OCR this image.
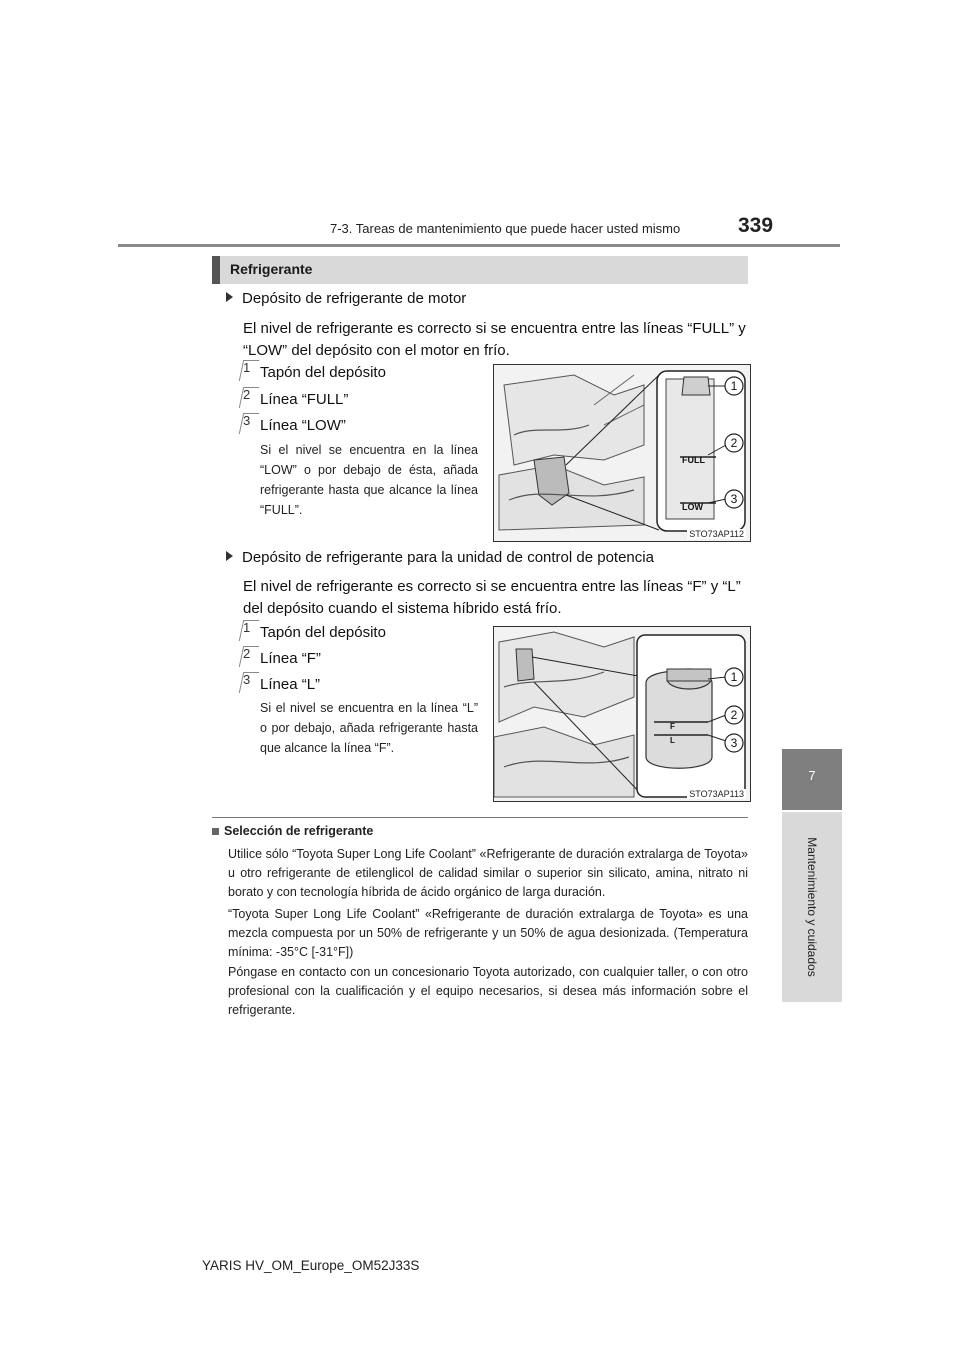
7-3. Tareas de mantenimiento que puede hacer usted mismo	339
7
Mantenimiento y cuidados
Refrigerante
Depósito de refrigerante de motor
El nivel de refrigerante es correcto si se encuentra entre las líneas “FULL” y “LOW” del depósito con el motor en frío.
1 Tapón del depósito
2 Línea “FULL”
3 Línea “LOW”
Si el nivel se encuentra en la línea “LOW” o por debajo de ésta, añada refrigerante hasta que alcance la línea “FULL”.
FULL
LOW
1
2
3
STO73AP112
Depósito de refrigerante para la unidad de control de potencia
El nivel de refrigerante es correcto si se encuentra entre las líneas “F” y “L” del depósito cuando el sistema híbrido está frío.
1 Tapón del depósito
2 Línea “F”
3 Línea “L”
Si el nivel se encuentra en la línea “L” o por debajo, añada refrigerante hasta que alcance la línea “F”.
F
L
1
2
3
STO73AP113
Selección de refrigerante
Utilice sólo “Toyota Super Long Life Coolant” «Refrigerante de duración extralarga de Toyota» u otro refrigerante de etilenglicol de calidad similar o superior sin silicato, amina, nitrato ni borato y con tecnología híbrida de ácido orgánico de larga duración.
“Toyota Super Long Life Coolant” «Refrigerante de duración extralarga de Toyota» es una mezcla compuesta por un 50% de refrigerante y un 50% de agua desionizada. (Temperatura mínima: -35°C [-31°F])
Póngase en contacto con un concesionario Toyota autorizado, con cualquier taller, o con otro profesional con la cualificación y el equipo necesarios, si desea más información sobre el refrigerante.
YARIS HV_OM_Europe_OM52J33S
